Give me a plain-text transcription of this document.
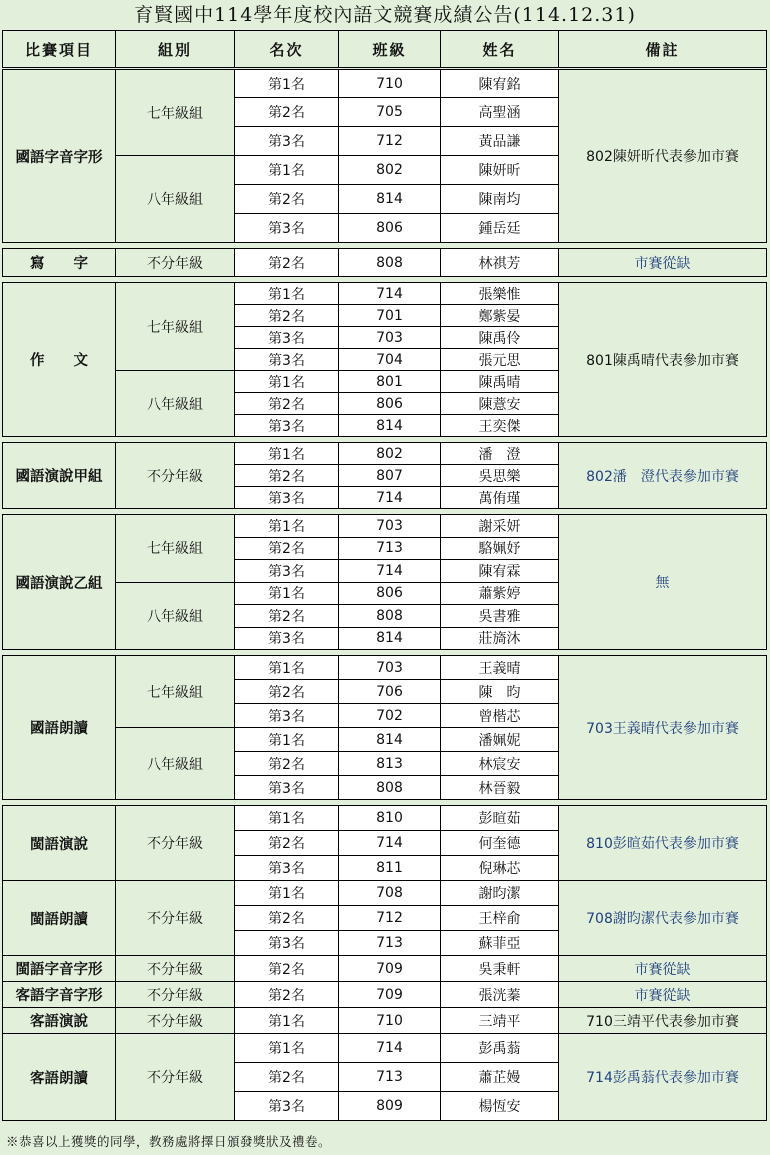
育賢國中114學年度校內語文競賽成績公告(114.12.31)
比賽項目	組別	名次	班級	姓名	備註
國語字音字形	七年級組	第1名	710	陳宥銘	802陳妍昕代表參加市賽
		第2名	705	高聖涵	
		第3名	712	黃品謙	
	八年級組	第1名	802	陳妍昕	
		第2名	814	陳南均	
		第3名	806	鍾岳廷	

寫　　字	不分年級	第2名	808	林祺芳	市賽從缺

作　　文	七年級組	第1名	714	張樂惟	801陳禹晴代表參加市賽
		第2名	701	鄭紫晏	
		第3名	703	陳禹伶	
		第3名	704	張元思	
	八年級組	第1名	801	陳禹晴	
		第2名	806	陳薏安	
		第3名	814	王奕傑	

國語演說甲組	不分年級	第1名	802	潘　澄	802潘　澄代表參加市賽
		第2名	807	吳思樂	
		第3名	714	萬侑瑾	

國語演說乙組	七年級組	第1名	703	謝采妍	無
		第2名	713	駱姵妤	
		第3名	714	陳宥霖	
	八年級組	第1名	806	蕭紫婷	
		第2名	808	吳書雅	
		第3名	814	莊旖沐	

國語朗讀	七年級組	第1名	703	王義晴	703王義晴代表參加市賽
		第2名	706	陳　昀	
		第3名	702	曾楷芯	
	八年級組	第1名	814	潘姵妮	
		第2名	813	林宸安	
		第3名	808	林晉毅	

閩語演說	不分年級	第1名	810	彭暄茹	810彭暄茹代表參加市賽
		第2名	714	何奎德	
		第3名	811	倪琳芯	
閩語朗讀	不分年級	第1名	708	謝昀潔	708謝昀潔代表參加市賽
		第2名	712	王梓俞	
		第3名	713	蘇菲亞	
閩語字音字形	不分年級	第2名	709	吳秉軒	市賽從缺
客語字音字形	不分年級	第2名	709	張洸蓁	市賽從缺
客語演說	不分年級	第1名	710	三靖平	710三靖平代表參加市賽
客語朗讀	不分年級	第1名	714	彭禹蓊	714彭禹蓊代表參加市賽
		第2名	713	蕭芷嫚	
		第3名	809	楊恆安	
※恭喜以上獲獎的同學，教務處將擇日頒發獎狀及禮卷。
